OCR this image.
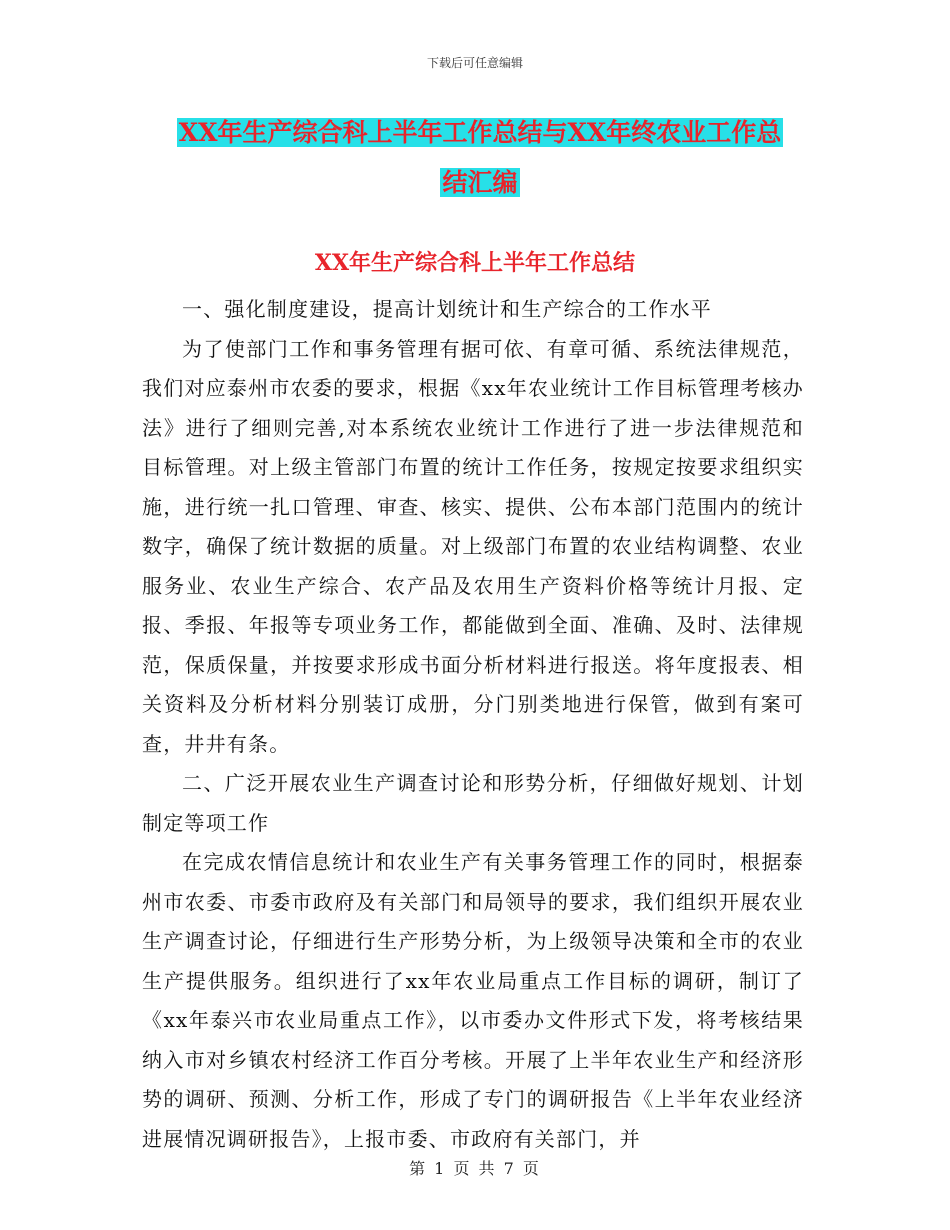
下载后可任意编辑
XX年生产综合科上半年工作总结与XX年终农业工作总
结汇编
XX年生产综合科上半年工作总结

一、强化制度建设，提高计划统计和生产综合的工作水平

为了使部门工作和事务管理有据可依、有章可循、系统法律规范，我们对应泰州市农委的要求，根据《xx年农业统计工作目标管理考核办法》进行了细则完善,对本系统农业统计工作进行了进一步法律规范和目标管理。对上级主管部门布置的统计工作任务，按规定按要求组织实施，进行统一扎口管理、审查、核实、提供、公布本部门范围内的统计数字，确保了统计数据的质量。对上级部门布置的农业结构调整、农业服务业、农业生产综合、农产品及农用生产资料价格等统计月报、定报、季报、年报等专项业务工作，都能做到全面、准确、及时、法律规范，保质保量，并按要求形成书面分析材料进行报送。将年度报表、相关资料及分析材料分别装订成册，分门别类地进行保管，做到有案可查，井井有条。

二、广泛开展农业生产调查讨论和形势分析，仔细做好规划、计划制定等项工作

在完成农情信息统计和农业生产有关事务管理工作的同时，根据泰州市农委、市委市政府及有关部门和局领导的要求，我们组织开展农业生产调查讨论，仔细进行生产形势分析，为上级领导决策和全市的农业生产提供服务。组织进行了xx年农业局重点工作目标的调研，制订了《xx年泰兴市农业局重点工作》，以市委办文件形式下发，将考核结果纳入市对乡镇农村经济工作百分考核。开展了上半年农业生产和经济形势的调研、预测、分析工作，形成了专门的调研报告《上半年农业经济进展情况调研报告》，上报市委、市政府有关部门，并

第 1 页 共 7 页
